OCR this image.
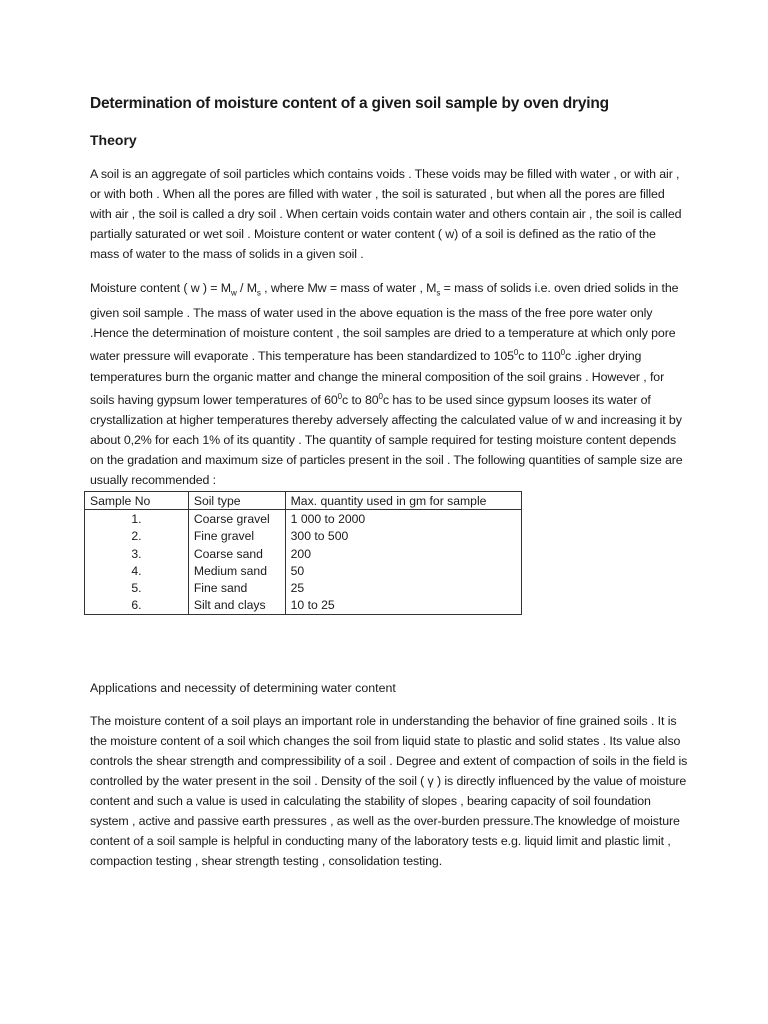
Determination of moisture content of a given soil sample by oven drying
Theory
A soil is an aggregate of soil particles which contains voids . These voids may be filled with water , or with air , or with both . When all the pores are filled with water , the soil is saturated , but when all the pores are filled with air , the soil is called a dry soil . When certain voids contain water and others contain air , the soil is called partially saturated or wet soil . Moisture content or water content ( w) of a soil is defined as the ratio of the mass of water to the mass of solids in a given soil .
Moisture content ( w ) = $M_w / M_s$ , where Mw = mass of water , $M_s$ = mass of solids i.e. oven dried solids in the given soil sample . The mass of water used in the above equation is the mass of the free pore water only .Hence the determination of moisture content , the soil samples are dried to a temperature at which only pore water pressure will evaporate . This temperature has been standardized to $105^0c$ to $110^0c$ .igher drying temperatures burn the organic matter and change the mineral composition of the soil grains . However , for soils having gypsum lower temperatures of $60^0c$ to $80^0c$ has to be used since gypsum looses its water of crystallization at higher temperatures thereby adversely affecting the calculated value of w and increasing it by about 0,2% for each 1% of its quantity . The quantity of sample required for testing moisture content depends on the gradation and maximum size of particles present in the soil . The following quantities of sample size are usually recommended :
Sample No	Soil type	Max. quantity used in gm for sample
1.	Coarse gravel	1 000 to 2000
2.	Fine gravel	300 to 500
3.	Coarse sand	200
4.	Medium sand	50
5.	Fine sand	25
6.	Silt and clays	10 to 25
Applications and necessity of determining water content
The moisture content of a soil plays an important role in understanding the behavior of fine grained soils . It is the moisture content of a soil which changes the soil from liquid state to plastic and solid states . Its value also controls the shear strength and compressibility of a soil . Degree and extent of compaction of soils in the field is controlled by the water present in the soil . Density of the soil ( γ ) is directly influenced by the value of moisture content and such a value is used in calculating the stability of slopes , bearing capacity of soil foundation system , active and passive earth pressures , as well as the over-burden pressure.The knowledge of moisture content of a soil sample is helpful in conducting many of the laboratory tests e.g. liquid limit and plastic limit , compaction testing , shear strength testing , consolidation testing.
